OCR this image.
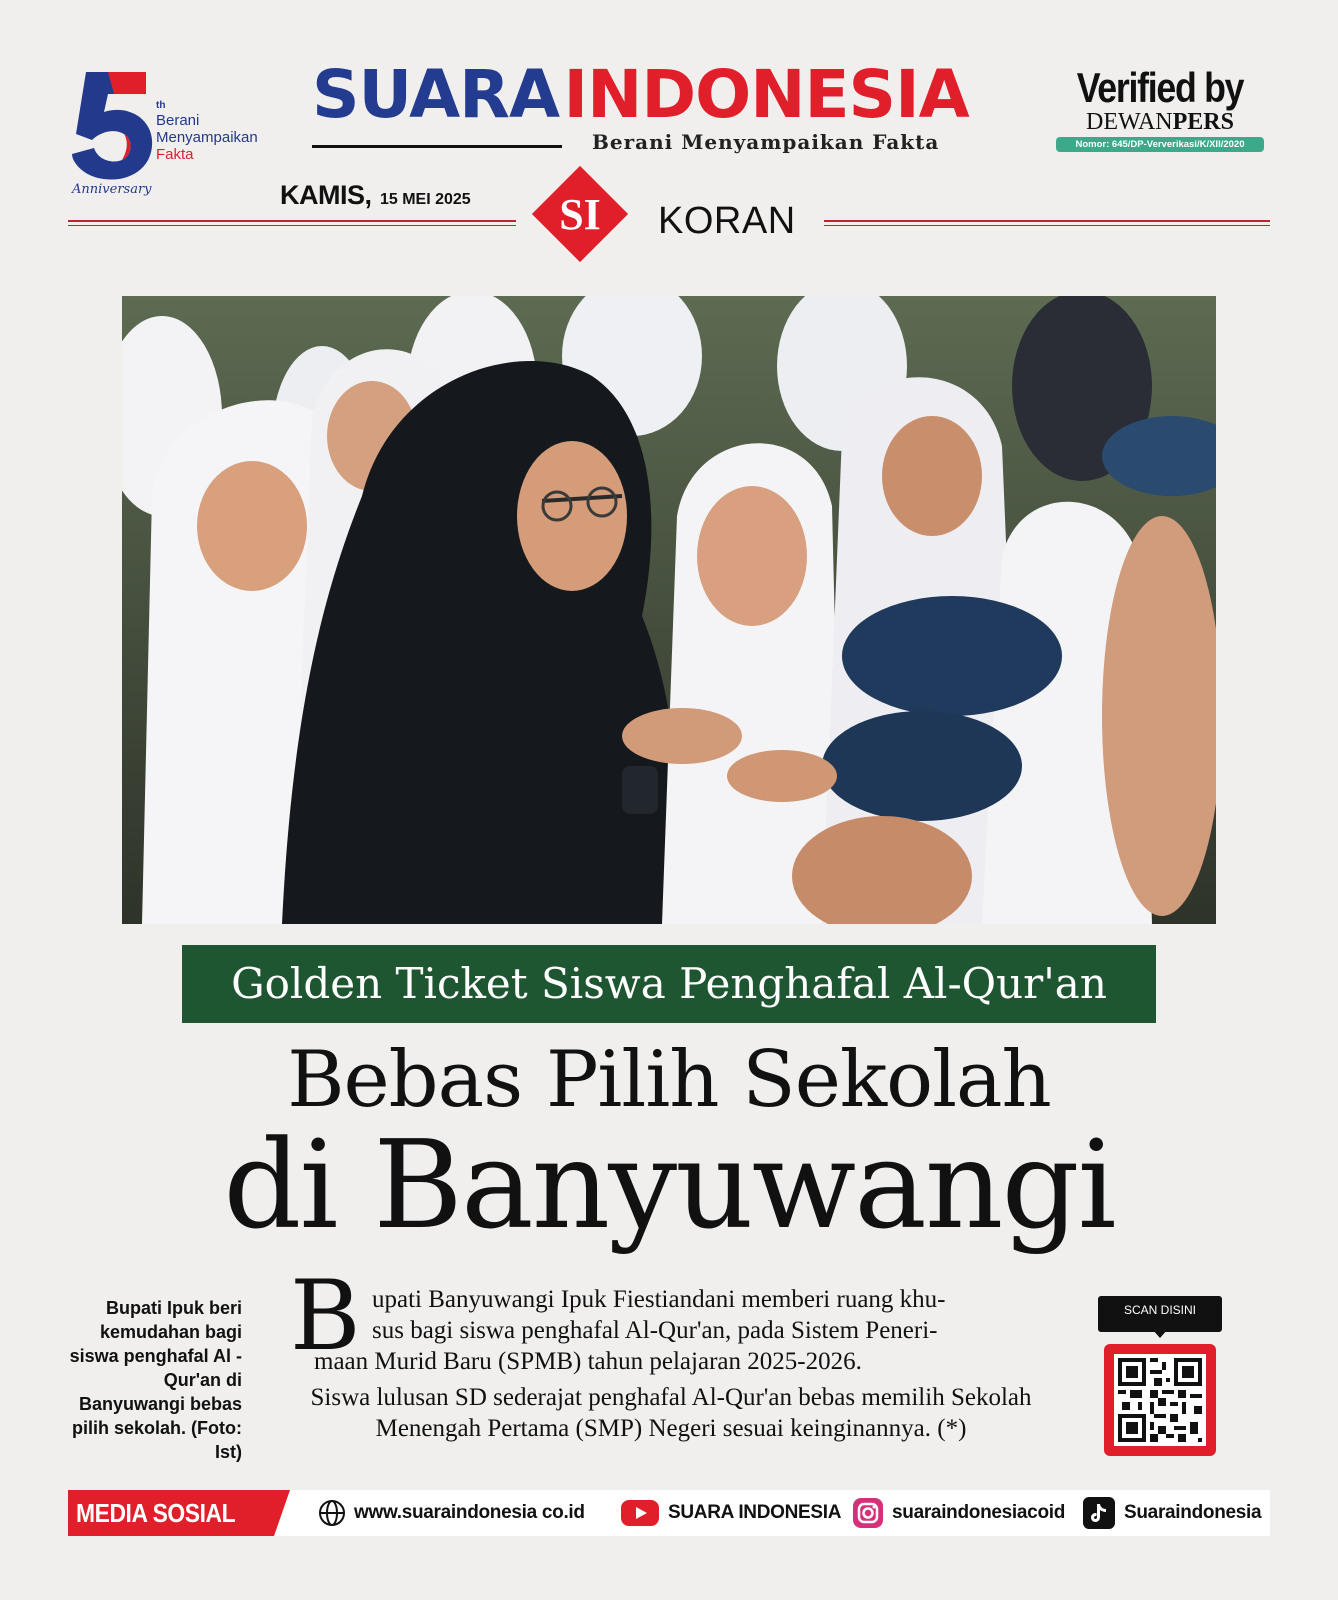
th
Berani
Menyampaikan
Fakta
Anniversary
SUARA INDONESIA
Berani Menyampaikan Fakta
Verified by
DEWANPERS
Nomor: 645/DP-Ververikasi/K/XII/2020
KAMIS, 15 MEI 2025	SI	KORAN
Golden Ticket Siswa Penghafal Al-Qur'an
Bebas Pilih Sekolah
di Banyuwangi
Bupati Ipuk beri kemudahan bagi siswa penghafal Al -Qur'an di Banyuwangi bebas pilih sekolah. (Foto: Ist)
B upati Banyuwangi Ipuk Fiestiandani memberi ruang khu-
sus bagi siswa penghafal Al-Qur'an, pada Sistem Peneri-
maan Murid Baru (SPMB) tahun pelajaran 2025-2026.
Siswa lulusan SD sederajat penghafal Al-Qur'an bebas memilih Sekolah Menengah Pertama (SMP) Negeri sesuai keinginannya. (*)
SCAN DISINI
MEDIA SOSIAL	www.suaraindonesia co.id	SUARA INDONESIA	suaraindonesiacoid	Suaraindonesia
